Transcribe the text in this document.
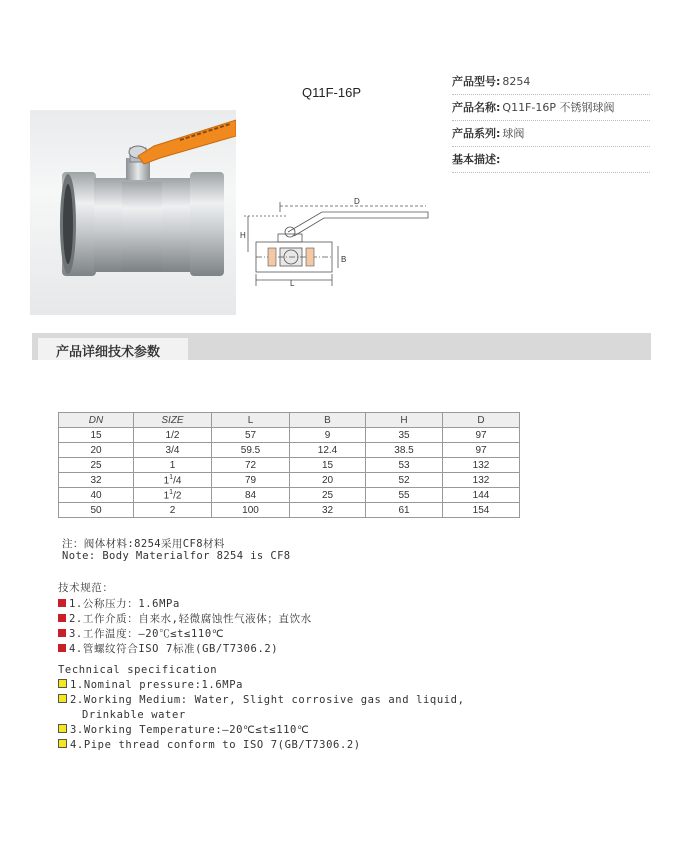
Q11F-16P
产品型号: 8254
产品名称: Q11F-16P 不锈钢球阀
产品系列: 球阀
基本描述:
D
H
L
B
产品详细技术参数
DN	SIZE	L	B	H	D
15	1/2	57	9	35	97
20	3/4	59.5	12.4	38.5	97
25	1	72	15	53	132
32	$1^1/4$	79	20	52	132
40	$1^1/2$	84	25	55	144
50	2	100	32	61	154
注：阀体材料:8254采用CF8材料
Note: Body Materialfor 8254 is CF8
技术规范：
1.公称压力：1.6MPa
2.工作介质：自来水,轻微腐蚀性气液体；直饮水
3.工作温度：—20℃≤t≤110℃
4.管螺纹符合ISO 7标准(GB/T7306.2)
Technical specification
1.Nominal pressure:1.6MPa
2.Working Medium: Water, Slight corrosive gas and liquid,
Drinkable water
3.Working Temperature:—20℃≤t≤110℃
4.Pipe thread conform to ISO 7(GB/T7306.2)
